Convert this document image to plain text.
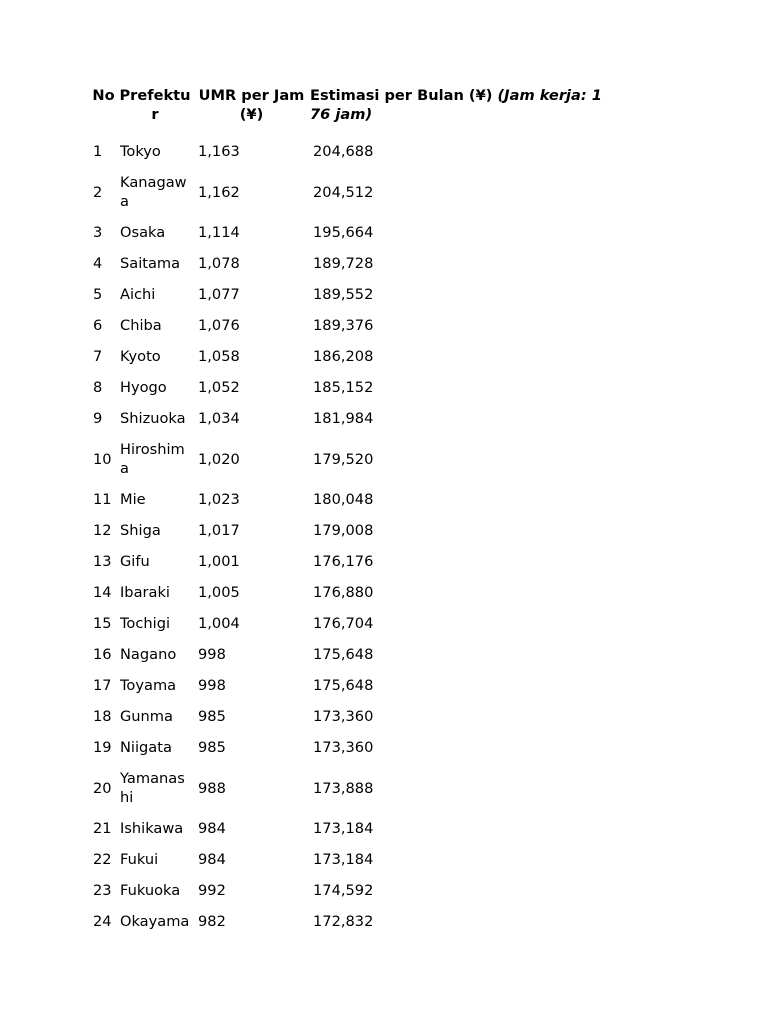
No	Prefektur	UMR per Jam (¥)	Estimasi per Bulan (¥) (Jam kerja: 176 jam)
1	Tokyo	1,163	204,688
2	Kanagawa	1,162	204,512
3	Osaka	1,114	195,664
4	Saitama	1,078	189,728
5	Aichi	1,077	189,552
6	Chiba	1,076	189,376
7	Kyoto	1,058	186,208
8	Hyogo	1,052	185,152
9	Shizuoka	1,034	181,984
10	Hiroshima	1,020	179,520
11	Mie	1,023	180,048
12	Shiga	1,017	179,008
13	Gifu	1,001	176,176
14	Ibaraki	1,005	176,880
15	Tochigi	1,004	176,704
16	Nagano	998	175,648
17	Toyama	998	175,648
18	Gunma	985	173,360
19	Niigata	985	173,360
20	Yamanashi	988	173,888
21	Ishikawa	984	173,184
22	Fukui	984	173,184
23	Fukuoka	992	174,592
24	Okayama	982	172,832
